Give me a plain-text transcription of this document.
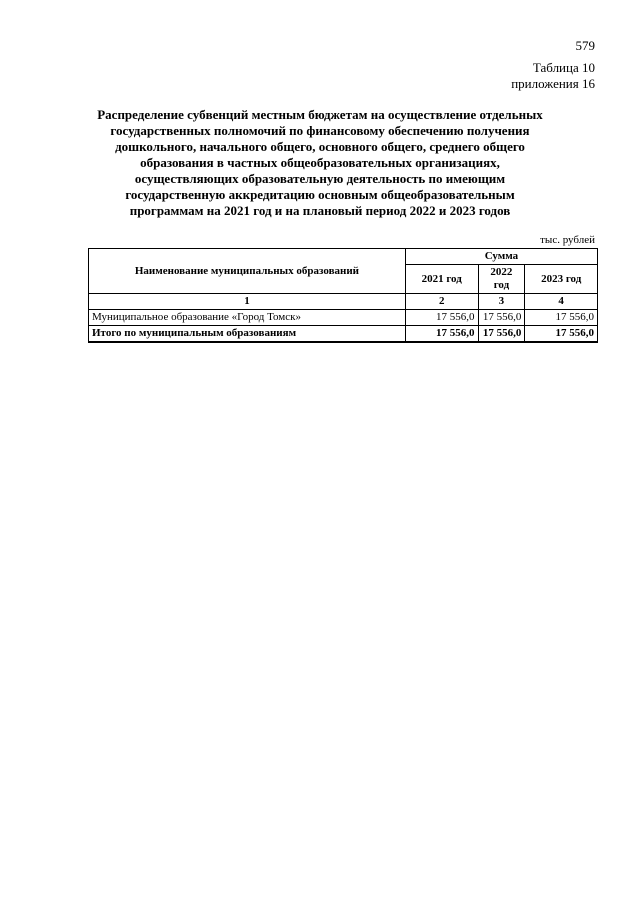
579
Таблица 10
приложения 16
Распределение субвенций местным бюджетам на осуществление отдельных государственных полномочий по финансовому обеспечению получения дошкольного, начального общего, основного общего, среднего общего образования в частных общеобразовательных организациях, осуществляющих образовательную деятельность по имеющим государственную аккредитацию основным общеобразовательным программам на 2021 год и на плановый период 2022 и 2023 годов
тыс. рублей
Наименование муниципальных образований	Сумма		
	2021 год	2022 год	2023 год
1	2	3	4
Муниципальное образование «Город Томск»	17 556,0	17 556,0	17 556,0
Итого по муниципальным образованиям	17 556,0	17 556,0	17 556,0
